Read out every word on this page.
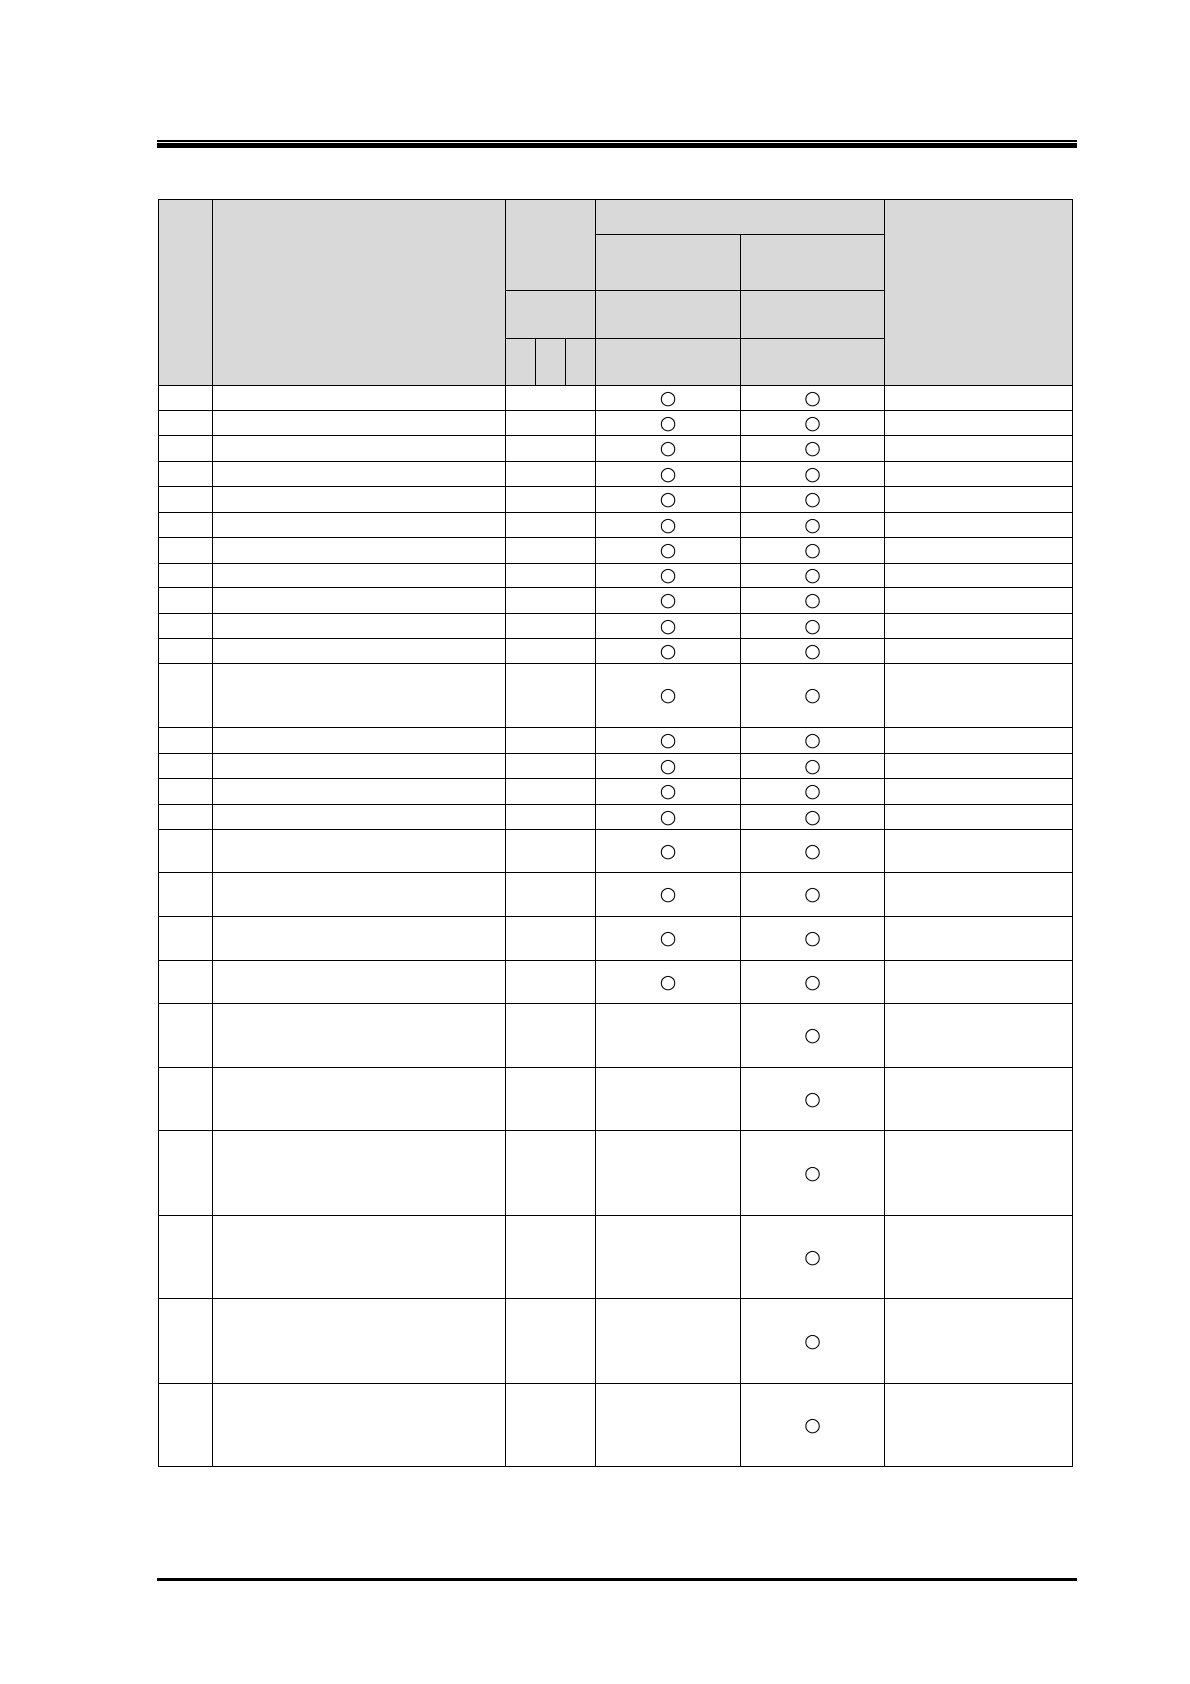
					○	○	
					○	○	
					○	○	
					○	○	
					○	○	
					○	○	
					○	○	
					○	○	
					○	○	
					○	○	
					○	○	
					○	○	
					○	○	
					○	○	
					○	○	
					○	○	
					○	○	
					○	○	
					○	○	
					○	○	
						○	
						○	
						○	
						○	
						○	
						○	
